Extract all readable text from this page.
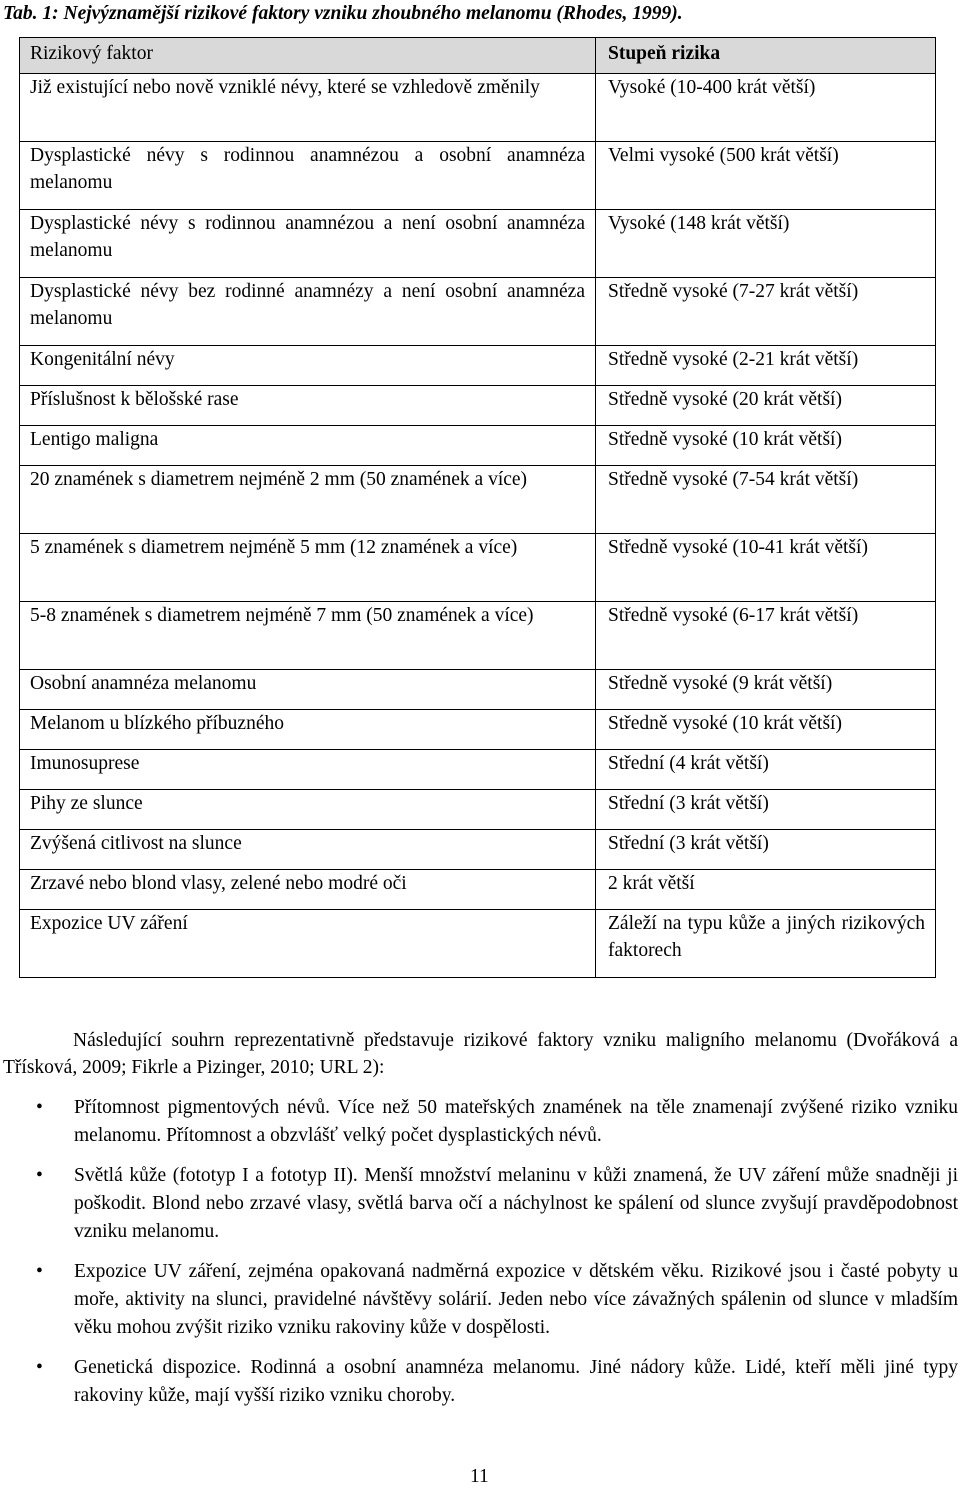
Tab. 1: Nejvýznamější rizikové faktory vzniku zhoubného melanomu (Rhodes, 1999).
Rizikový faktor	Stupeň rizika
Již existující nebo nově vzniklé névy, které se vzhledově změnily	Vysoké (10-400 krát větší)
Dysplastické névy s rodinnou anamnézou a osobní anamnéza melanomu	Velmi vysoké (500 krát větší)
Dysplastické névy s rodinnou anamnézou a není osobní anamnéza melanomu	Vysoké (148 krát větší)
Dysplastické névy bez rodinné anamnézy a není osobní anamnéza melanomu	Středně vysoké (7-27 krát větší)
Kongenitální névy	Středně vysoké (2-21 krát větší)
Příslušnost k bělošské rase	Středně vysoké (20 krát větší)
Lentigo maligna	Středně vysoké (10 krát větší)
20 znamének s diametrem nejméně 2 mm (50 znamének a více)	Středně vysoké (7-54 krát větší)
5 znamének s diametrem nejméně 5 mm (12 znamének a více)	Středně vysoké (10-41 krát větší)
5-8 znamének s diametrem nejméně 7 mm (50 znamének a více)	Středně vysoké (6-17 krát větší)
Osobní anamnéza melanomu	Středně vysoké (9 krát větší)
Melanom u blízkého příbuzného	Středně vysoké (10 krát větší)
Imunosuprese	Střední (4 krát větší)
Pihy ze slunce	Střední (3 krát větší)
Zvýšená citlivost na slunce	Střední (3 krát větší)
Zrzavé nebo blond vlasy, zelené nebo modré oči	2 krát větší
Expozice UV záření	Záleží na typu kůže a jiných rizikových faktorech

Následující souhrn reprezentativně představuje rizikové faktory vzniku maligního melanomu (Dvořáková a Třísková, 2009; Fikrle a Pizinger, 2010; URL 2):

• Přítomnost pigmentových névů. Více než 50 mateřských znamének na těle znamenají zvýšené riziko vzniku melanomu. Přítomnost a obzvlášť velký počet dysplastických névů.
• Světlá kůže (fototyp I a fototyp II). Menší množství melaninu v kůži znamená, že UV záření může snadněji ji poškodit. Blond nebo zrzavé vlasy, světlá barva očí a náchylnost ke spálení od slunce zvyšují pravděpodobnost vzniku melanomu.
• Expozice UV záření, zejména opakovaná nadměrná expozice v dětském věku. Rizikové jsou i časté pobyty u moře, aktivity na slunci, pravidelné návštěvy solárií. Jeden nebo více závažných spálenin od slunce v mladším věku mohou zvýšit riziko vzniku rakoviny kůže v dospělosti.
• Genetická dispozice. Rodinná a osobní anamnéza melanomu. Jiné nádory kůže. Lidé, kteří měli jiné typy rakoviny kůže, mají vyšší riziko vzniku choroby.
11
